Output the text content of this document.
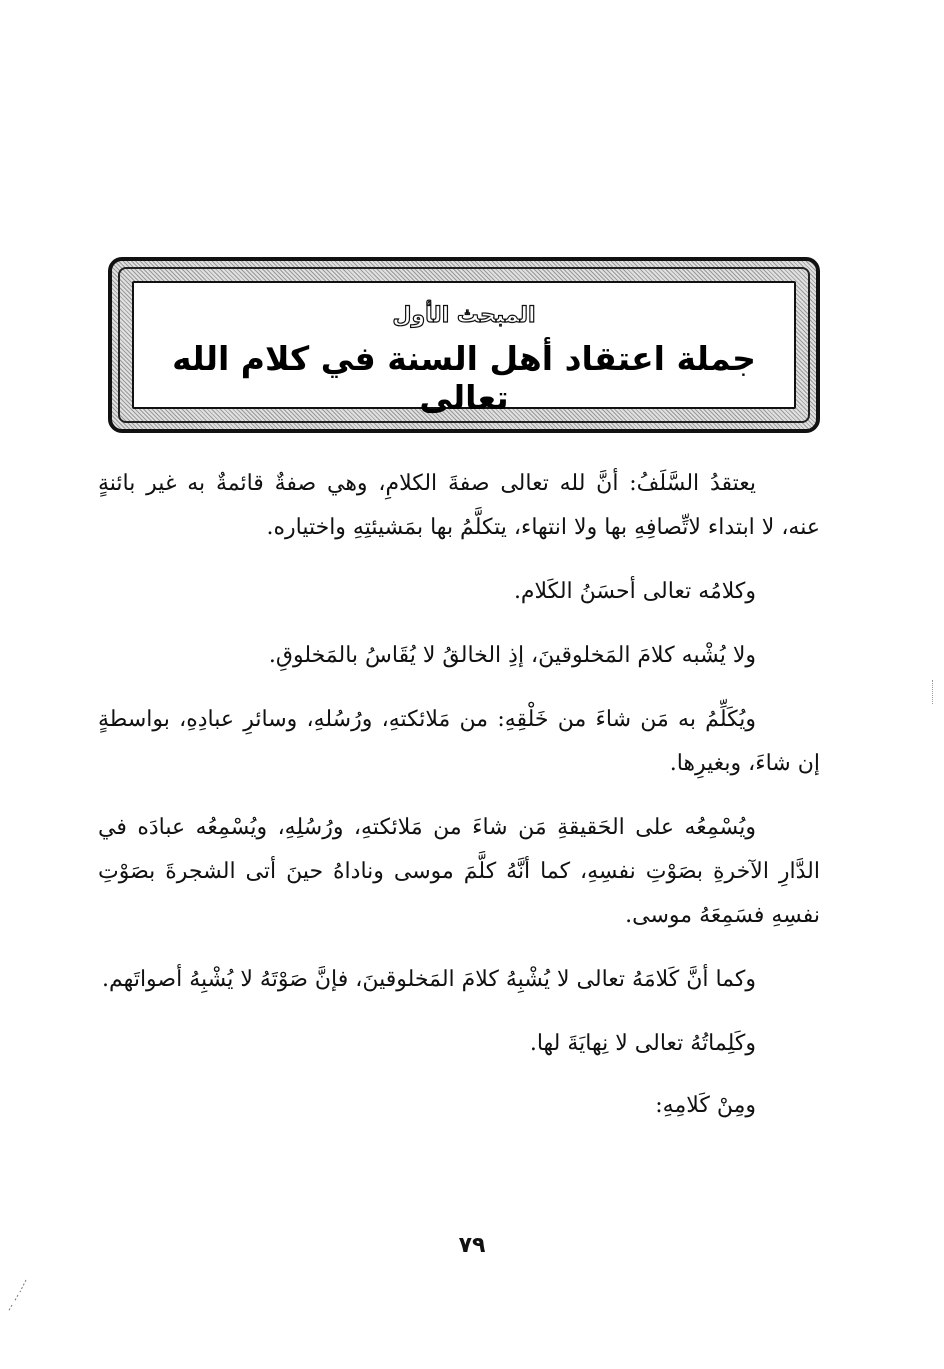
المبحث الأول
جملة اعتقاد أهل السنة في كلام الله تعالى

يعتقدُ السَّلَفُ: أنَّ لله تعالى صفةَ الكلامِ، وهي صفةٌ قائمةٌ به غير بائنةٍ عنه، لا ابتداء لاتِّصافِهِ بها ولا انتهاء، يتكلَّمُ بها بمَشيئتِهِ واختياره.

وكلامُه تعالى أحسَنُ الكَلام.

ولا يُشْبه كلامَ المَخلوقينَ، إذِ الخالقُ لا يُقَاسُ بالمَخلوقِ.

ويُكَلِّمُ به مَن شاءَ من خَلْقِهِ: من مَلائكتهِ، ورُسُلهِ، وسائرِ عبادِهِ، بواسطةٍ إن شاءَ، وبغيرِها.

ويُسْمِعُه على الحَقيقةِ مَن شاءَ من مَلائكتهِ، ورُسُلِهِ، ويُسْمِعُه عبادَه في الدَّارِ الآخرةِ بصَوْتِ نفسِهِ، كما أنَّهُ كلَّمَ موسى وناداهُ حينَ أتى الشجرةَ بصَوْتِ نفسِهِ فسَمِعَهُ موسى.

وكما أنَّ كَلامَهُ تعالى لا يُشْبِهُ كلامَ المَخلوقينَ، فإنَّ صَوْتَهُ لا يُشْبِهُ أصواتَهم.

وكَلِماتُهُ تعالى لا نِهايَةَ لها.

ومِنْ كَلامِهِ:

٧٩
